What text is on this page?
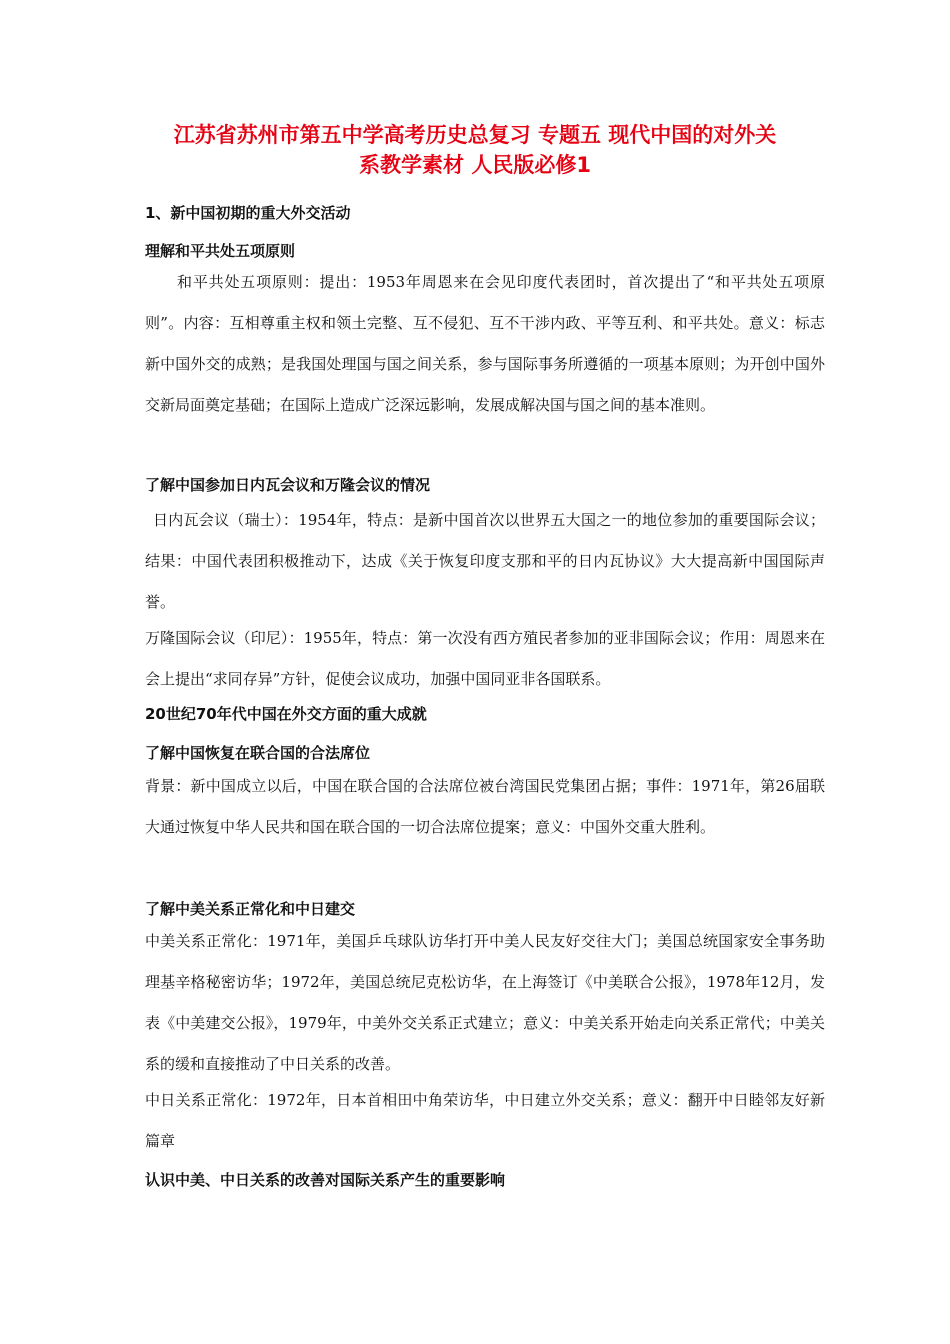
江苏省苏州市第五中学高考历史总复习 专题五 现代中国的对外关
系教学素材 人民版必修1
1、新中国初期的重大外交活动
理解和平共处五项原则
和平共处五项原则：提出：1953年周恩来在会见印度代表团时，首次提出了“和平共处五项原则”。内容：互相尊重主权和领土完整、互不侵犯、互不干涉内政、平等互利、和平共处。意义：标志新中国外交的成熟；是我国处理国与国之间关系，参与国际事务所遵循的一项基本原则；为开创中国外交新局面奠定基础；在国际上造成广泛深远影响，发展成解决国与国之间的基本准则。
了解中国参加日内瓦会议和万隆会议的情况
日内瓦会议（瑞士）：1954年，特点：是新中国首次以世界五大国之一的地位参加的重要国际会议；结果：中国代表团积极推动下，达成《关于恢复印度支那和平的日内瓦协议》大大提高新中国国际声誉。
万隆国际会议（印尼）：1955年，特点：第一次没有西方殖民者参加的亚非国际会议；作用：周恩来在会上提出“求同存异”方针，促使会议成功，加强中国同亚非各国联系。
20世纪70年代中国在外交方面的重大成就
了解中国恢复在联合国的合法席位
背景：新中国成立以后，中国在联合国的合法席位被台湾国民党集团占据；事件：1971年，第26届联大通过恢复中华人民共和国在联合国的一切合法席位提案；意义：中国外交重大胜利。
了解中美关系正常化和中日建交
中美关系正常化：1971年，美国乒乓球队访华打开中美人民友好交往大门；美国总统国家安全事务助理基辛格秘密访华；1972年，美国总统尼克松访华，在上海签订《中美联合公报》，1978年12月，发表《中美建交公报》，1979年，中美外交关系正式建立；意义：中美关系开始走向关系正常代；中美关系的缓和直接推动了中日关系的改善。
中日关系正常化：1972年，日本首相田中角荣访华，中日建立外交关系；意义：翻开中日睦邻友好新篇章
认识中美、中日关系的改善对国际关系产生的重要影响
